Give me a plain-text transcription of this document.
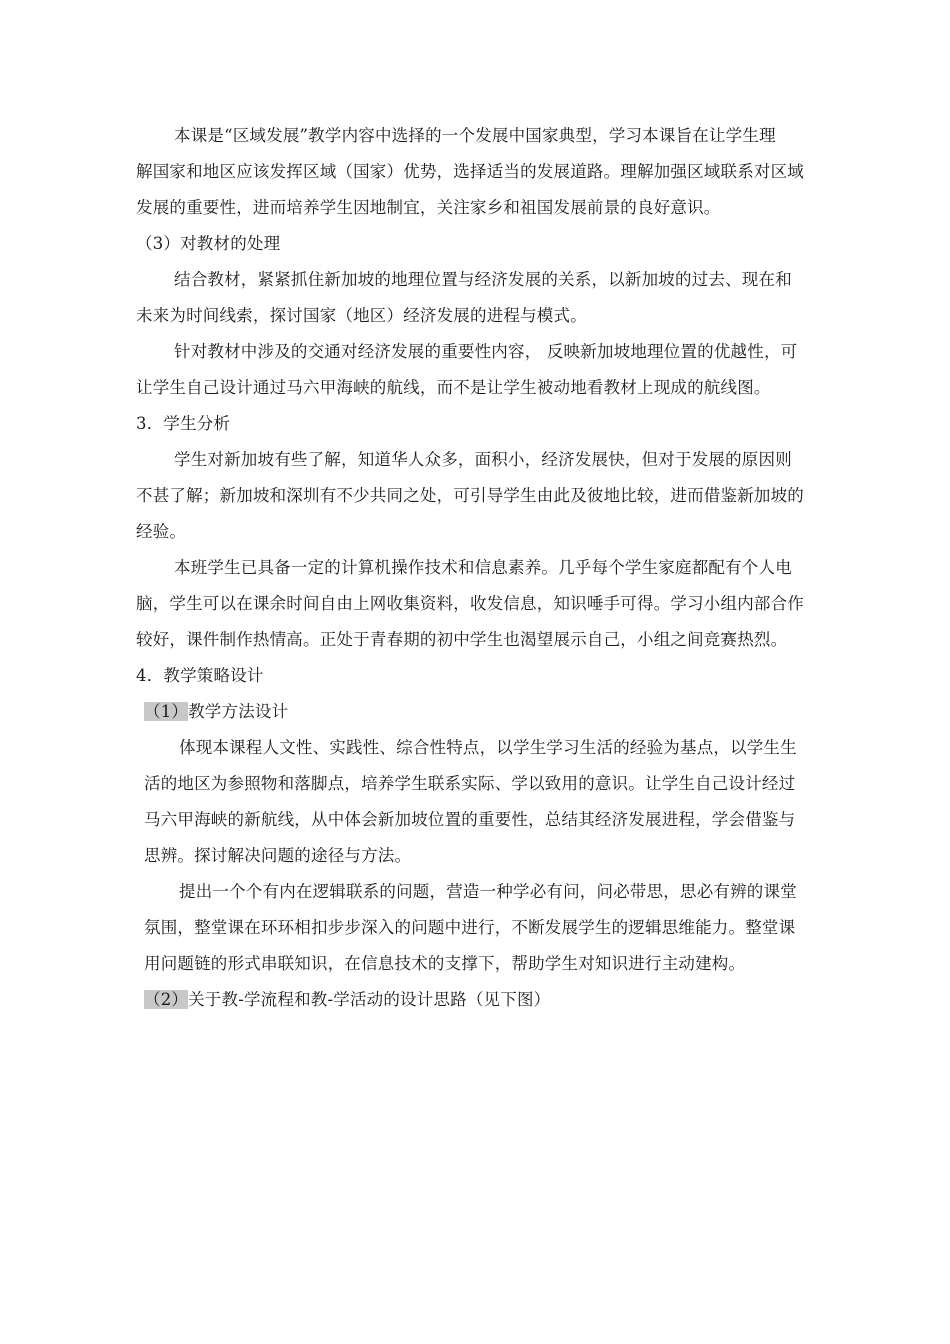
本课是“区域发展”教学内容中选择的一个发展中国家典型，学习本课旨在让学生理
解国家和地区应该发挥区域（国家）优势，选择适当的发展道路。理解加强区域联系对区域
发展的重要性，进而培养学生因地制宜，关注家乡和祖国发展前景的良好意识。
（3）对教材的处理
结合教材，紧紧抓住新加坡的地理位置与经济发展的关系，以新加坡的过去、现在和
未来为时间线索，探讨国家（地区）经济发展的进程与模式。
针对教材中涉及的交通对经济发展的重要性内容， 反映新加坡地理位置的优越性，可
让学生自己设计通过马六甲海峡的航线，而不是让学生被动地看教材上现成的航线图。
3．学生分析
学生对新加坡有些了解，知道华人众多，面积小，经济发展快，但对于发展的原因则
不甚了解；新加坡和深圳有不少共同之处，可引导学生由此及彼地比较，进而借鉴新加坡的
经验。
本班学生已具备一定的计算机操作技术和信息素养。几乎每个学生家庭都配有个人电
脑，学生可以在课余时间自由上网收集资料，收发信息，知识唾手可得。学习小组内部合作
较好，课件制作热情高。正处于青春期的初中学生也渴望展示自己，小组之间竞赛热烈。
4．教学策略设计
（1）教学方法设计
体现本课程人文性、实践性、综合性特点，以学生学习生活的经验为基点，以学生生
活的地区为参照物和落脚点，培养学生联系实际、学以致用的意识。让学生自己设计经过
马六甲海峡的新航线，从中体会新加坡位置的重要性，总结其经济发展进程，学会借鉴与
思辨。探讨解决问题的途径与方法。
提出一个个有内在逻辑联系的问题，营造一种学必有问，问必带思，思必有辨的课堂
氛围，整堂课在环环相扣步步深入的问题中进行，不断发展学生的逻辑思维能力。整堂课
用问题链的形式串联知识，在信息技术的支撑下，帮助学生对知识进行主动建构。
（2）关于教-学流程和教-学活动的设计思路（见下图）
